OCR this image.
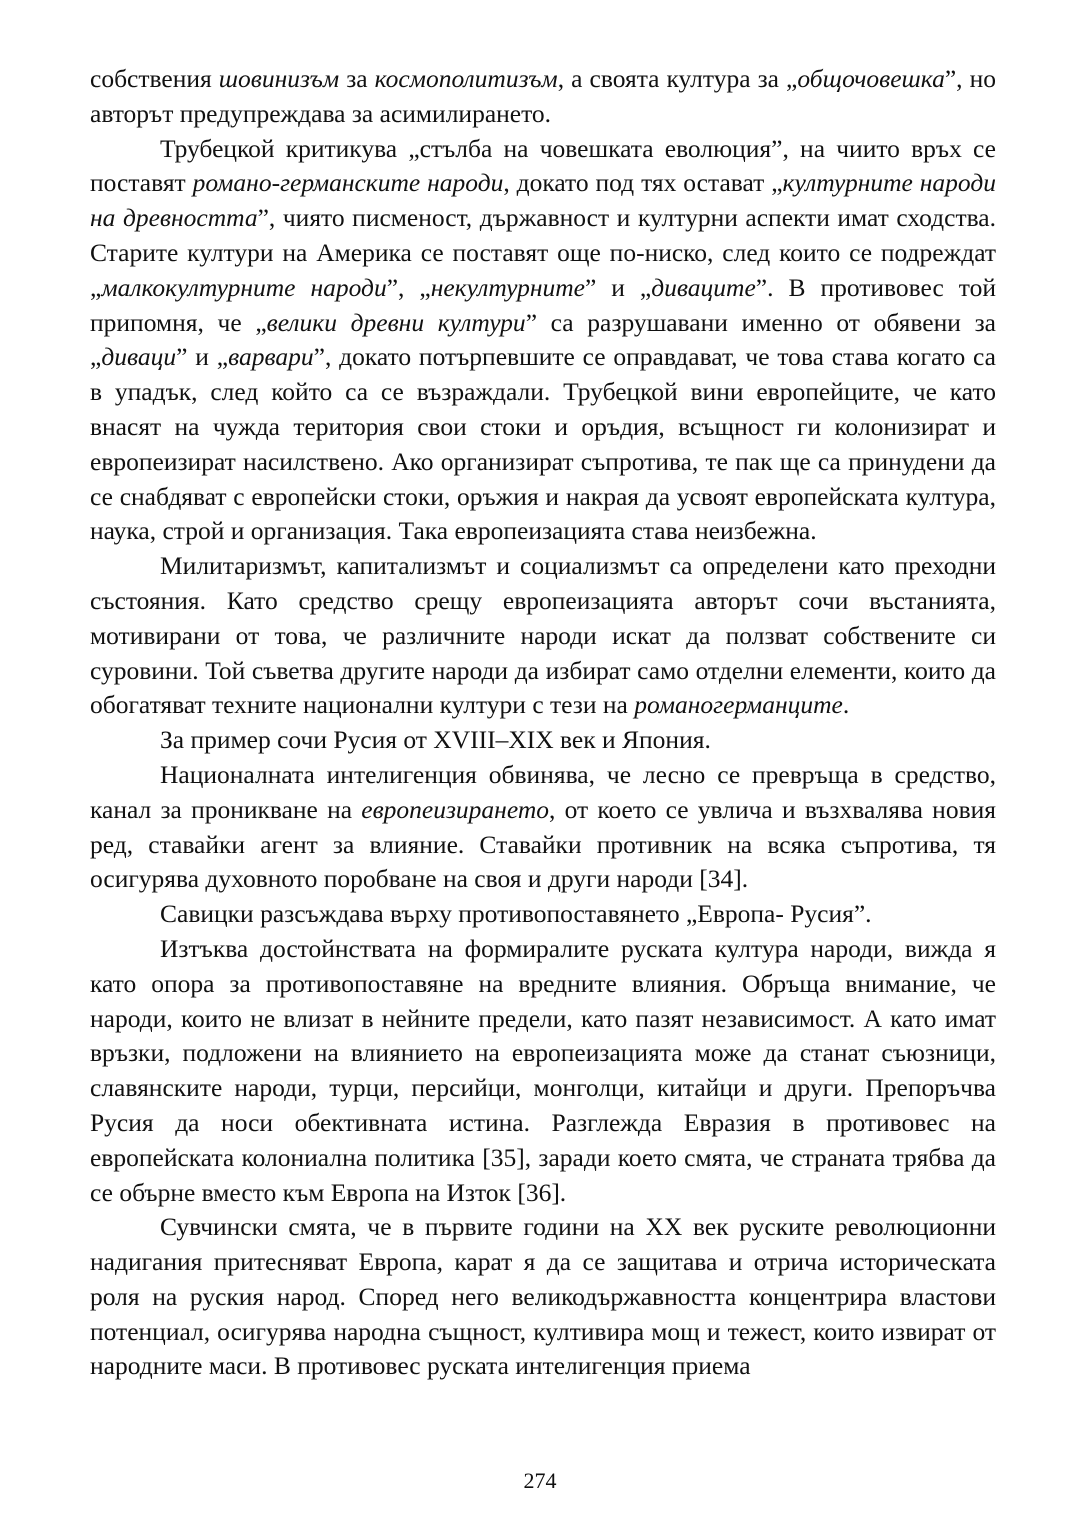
собствения шовинизъм за космополитизъм, а своята култура за „общочовешка”, но авторът предупреждава за асимилирането.

Трубецкой критикува „стълба на човешката еволюция”, на чиито връх се поставят романо-германските народи, докато под тях остават „културните народи на древността”, чиято писменост, държавност и културни аспекти имат сходства. Старите култури на Америка се поставят още по-ниско, след които се подреждат „малкокултурните народи”, „некултурните” и „диваците”. В противовес той припомня, че „велики древни култури” са разрушавани именно от обявени за „диваци” и „варвари”, докато потърпевшите се оправдават, че това става когато са в упадък, след който са се възраждали. Трубецкой вини европейците, че като внасят на чужда територия свои стоки и оръдия, всъщност ги колонизират и европеизират насилствено. Ако организират съпротива, те пак ще са принудени да се снабдяват с европейски стоки, оръжия и накрая да усвоят европейската култура, наука, строй и организация. Така европеизацията става неизбежна.

Милитаризмът, капитализмът и социализмът са определени като преходни състояния. Като средство срещу европеизацията авторът сочи въстанията, мотивирани от това, че различните народи искат да ползват собствените си суровини. Той съветва другите народи да избират само отделни елементи, които да обогатяват техните национални култури с тези на романогерманците.

За пример сочи Русия от XVIII–XIX век и Япония.

Националната интелигенция обвинява, че лесно се превръща в средство, канал за проникване на европеизирането, от което се увлича и възхвалява новия ред, ставайки агент за влияние. Ставайки противник на всяка съпротива, тя осигурява духовното поробване на своя и други народи [34].

Савицки разсъждава върху противопоставянето „Европа- Русия”.

Изтъква достойнствата на формиралите руската култура народи, вижда я като опора за противопоставяне на вредните влияния. Обръща внимание, че народи, които не влизат в нейните предели, като пазят независимост. А като имат връзки, подложени на влиянието на европеизацията може да станат съюзници, славянските народи, турци, персийци, монголци, китайци и други. Препоръчва Русия да носи обективната истина. Разглежда Евразия в противовес на европейската колониална политика [35], заради което смята, че страната трябва да се обърне вместо към Европа на Изток [36].

Сувчински смята, че в първите години на XX век руските революционни надигания притесняват Европа, карат я да се защитава и отрича историческата роля на руския народ. Според него великодържавността концентрира властови потенциал, осигурява народна същност, култивира мощ и тежест, които извират от народните маси. В противовес руската интелигенция приема

274
